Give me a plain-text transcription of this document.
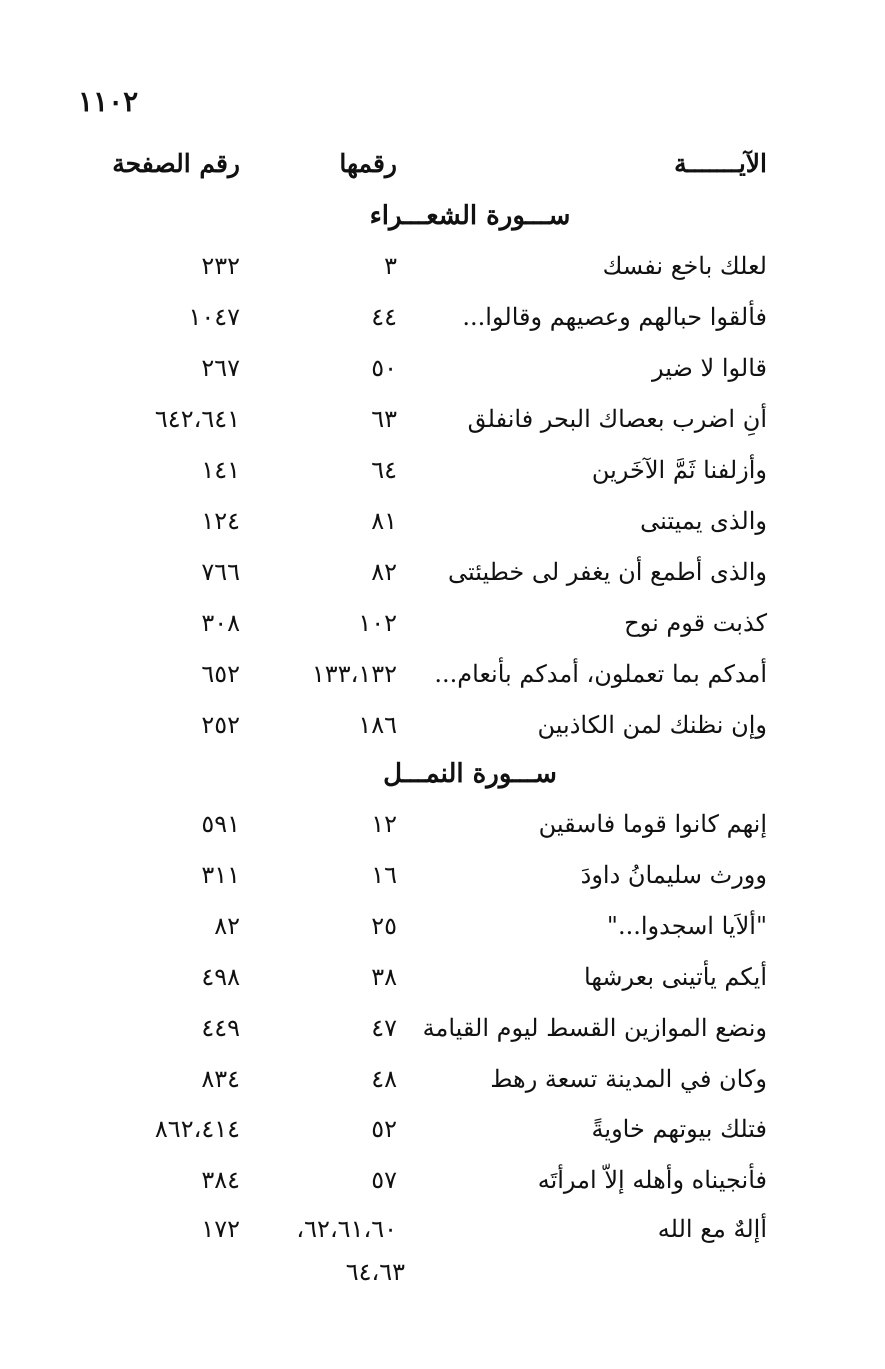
١١٠٢
الآيـــــــة
رقمها
رقم الصفحة
ســـورة الشعـــراء
لعلك باخع نفسك
٣
٢٣٢
فألقوا حبالهم وعصيهم وقالوا...
٤٤
١٠٤٧
قالوا لا ضير
٥٠
٢٦٧
أنِ اضرب بعصاك البحر فانفلق
٦٣
٦٤٢،٦٤١
وأزلفنا ثَمَّ الآخَرين
٦٤
١٤١
والذى يميتنى
٨١
١٢٤
والذى أطمع أن يغفر لى خطيئتى
٨٢
٧٦٦
كذبت قوم نوح
١٠٢
٣٠٨
أمدكم بما تعملون، أمدكم بأنعام...
١٣٣،١٣٢
٦٥٢
وإن نظنك لمن الكاذبين
١٨٦
٢٥٢
ســـورة النمـــل
إنهم كانوا قوما فاسقين
١٢
٥٩١
وورث سليمانُ داودَ
١٦
٣١١
"ألاَيا اسجدوا..."
٢٥
٨٢
أيكم يأتينى بعرشها
٣٨
٤٩٨
ونضع الموازين القسط ليوم القيامة
٤٧
٤٤٩
وكان في المدينة تسعة رهط
٤٨
٨٣٤
فتلك بيوتهم خاويةً
٥٢
٨٦٢،٤١٤
فأنجيناه وأهله إلاّ امرأتَه
٥٧
٣٨٤
أإلهٌ مع الله
٦٢،٦١،٦٠،
١٧٢
٦٤،٦٣
